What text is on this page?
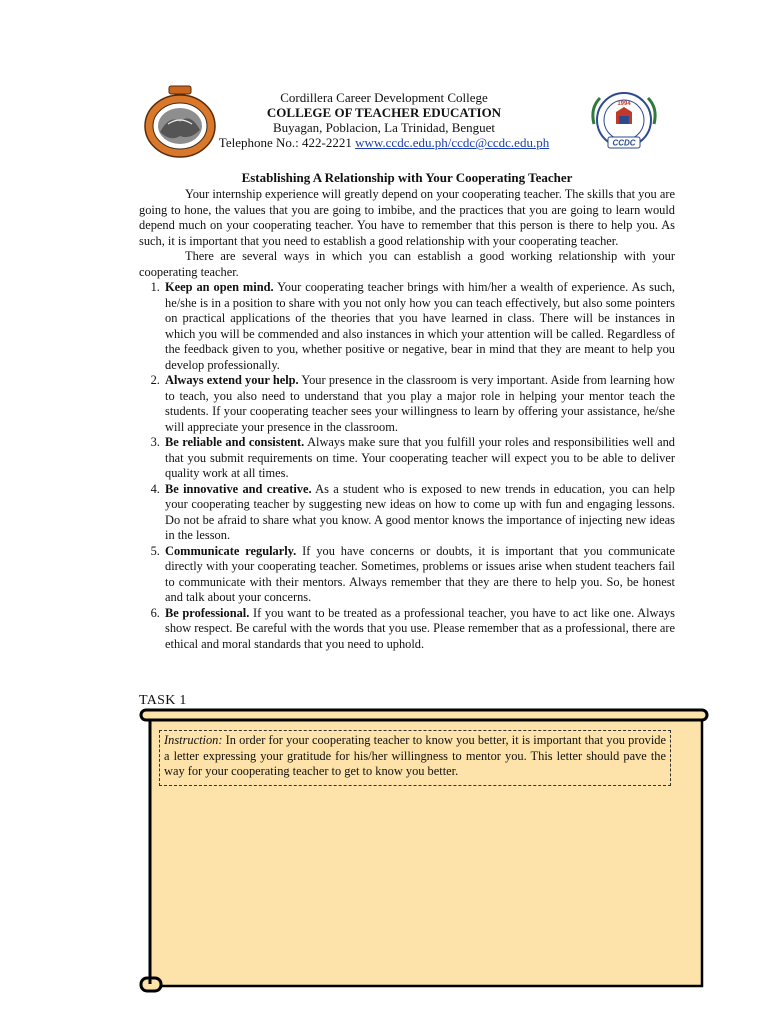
1994
CCDC
Cordillera Career Development College
COLLEGE OF TEACHER EDUCATION
Buyagan, Poblacion, La Trinidad, Benguet
Telephone No.: 422-2221 www.ccdc.edu.ph/ccdc@ccdc.edu.ph
Establishing A Relationship with Your Cooperating Teacher

Your internship experience will greatly depend on your cooperating teacher. The skills that you are going to hone, the values that you are going to imbibe, and the practices that you are going to learn would depend much on your cooperating teacher. You have to remember that this person is there to help you. As such, it is important that you need to establish a good relationship with your cooperating teacher.

There are several ways in which you can establish a good working relationship with your cooperating teacher.

1. Keep an open mind. Your cooperating teacher brings with him/her a wealth of experience. As such, he/she is in a position to share with you not only how you can teach effectively, but also some pointers on practical applications of the theories that you have learned in class. There will be instances in which you will be commended and also instances in which your attention will be called. Regardless of the feedback given to you, whether positive or negative, bear in mind that they are meant to help you develop professionally.
2. Always extend your help. Your presence in the classroom is very important. Aside from learning how to teach, you also need to understand that you play a major role in helping your mentor teach the students. If your cooperating teacher sees your willingness to learn by offering your assistance, he/she will appreciate your presence in the classroom.
3. Be reliable and consistent. Always make sure that you fulfill your roles and responsibilities well and that you submit requirements on time. Your cooperating teacher will expect you to be able to deliver quality work at all times.
4. Be innovative and creative. As a student who is exposed to new trends in education, you can help your cooperating teacher by suggesting new ideas on how to come up with fun and engaging lessons. Do not be afraid to share what you know. A good mentor knows the importance of injecting new ideas in the lesson.
5. Communicate regularly. If you have concerns or doubts, it is important that you communicate directly with your cooperating teacher. Sometimes, problems or issues arise when student teachers fail to communicate with their mentors. Always remember that they are there to help you. So, be honest and talk about your concerns.
6. Be professional. If you want to be treated as a professional teacher, you have to act like one. Always show respect. Be careful with the words that you use. Please remember that as a professional, there are ethical and moral standards that you need to uphold.
TASK 1
Instruction: In order for your cooperating teacher to know you better, it is important that you provide a letter expressing your gratitude for his/her willingness to mentor you. This letter should pave the way for your cooperating teacher to get to know you better.
